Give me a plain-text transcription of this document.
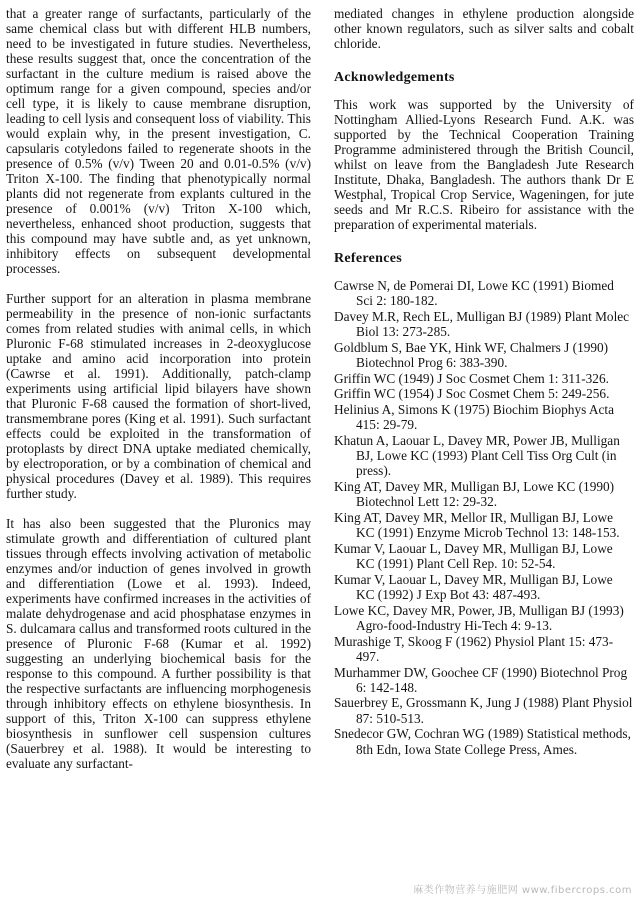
that a greater range of surfactants, particularly of the same chemical class but with different HLB numbers, need to be investigated in future studies. Nevertheless, these results suggest that, once the concentration of the surfactant in the culture medium is raised above the optimum range for a given compound, species and/or cell type, it is likely to cause membrane disruption, leading to cell lysis and consequent loss of viability. This would explain why, in the present investigation, C. capsularis cotyledons failed to regenerate shoots in the presence of 0.5% (v/v) Tween 20 and 0.01-0.5% (v/v) Triton X-100. The finding that phenotypically normal plants did not regenerate from explants cultured in the presence of 0.001% (v/v) Triton X-100 which, nevertheless, enhanced shoot production, suggests that this compound may have subtle and, as yet unknown, inhibitory effects on subsequent developmental processes.

Further support for an alteration in plasma membrane permeability in the presence of non-ionic surfactants comes from related studies with animal cells, in which Pluronic F-68 stimulated increases in 2-deoxyglucose uptake and amino acid incorporation into protein (Cawrse et al. 1991). Additionally, patch-clamp experiments using artificial lipid bilayers have shown that Pluronic F-68 caused the formation of short-lived, transmembrane pores (King et al. 1991). Such surfactant effects could be exploited in the transformation of protoplasts by direct DNA uptake mediated chemically, by electroporation, or by a combination of chemical and physical procedures (Davey et al. 1989). This requires further study.

It has also been suggested that the Pluronics may stimulate growth and differentiation of cultured plant tissues through effects involving activation of metabolic enzymes and/or induction of genes involved in growth and differentiation (Lowe et al. 1993). Indeed, experiments have confirmed increases in the activities of malate dehydrogenase and acid phosphatase enzymes in S. dulcamara callus and transformed roots cultured in the presence of Pluronic F-68 (Kumar et al. 1992) suggesting an underlying biochemical basis for the response to this compound. A further possibility is that the respective surfactants are influencing morphogenesis through inhibitory effects on ethylene biosynthesis. In support of this, Triton X-100 can suppress ethylene biosynthesis in sunflower cell suspension cultures (Sauerbrey et al. 1988). It would be interesting to evaluate any surfactant-

mediated changes in ethylene production alongside other known regulators, such as silver salts and cobalt chloride.

Acknowledgements

This work was supported by the University of Nottingham Allied-Lyons Research Fund. A.K. was supported by the Technical Cooperation Training Programme administered through the British Council, whilst on leave from the Bangladesh Jute Research Institute, Dhaka, Bangladesh. The authors thank Dr E Westphal, Tropical Crop Service, Wageningen, for jute seeds and Mr R.C.S. Ribeiro for assistance with the preparation of experimental materials.

References
Cawrse N, de Pomerai DI, Lowe KC (1991) Biomed Sci 2: 180-182.
Davey M.R, Rech EL, Mulligan BJ (1989) Plant Molec Biol 13: 273-285.
Goldblum S, Bae YK, Hink WF, Chalmers J (1990) Biotechnol Prog 6: 383-390.
Griffin WC (1949) J Soc Cosmet Chem 1: 311-326.
Griffin WC (1954) J Soc Cosmet Chem 5: 249-256.
Helinius A, Simons K (1975) Biochim Biophys Acta 415: 29-79.
Khatun A, Laouar L, Davey MR, Power JB, Mulligan BJ, Lowe KC (1993) Plant Cell Tiss Org Cult (in press).
King AT, Davey MR, Mulligan BJ, Lowe KC (1990) Biotechnol Lett 12: 29-32.
King AT, Davey MR, Mellor IR, Mulligan BJ, Lowe KC (1991) Enzyme Microb Technol 13: 148-153.
Kumar V, Laouar L, Davey MR, Mulligan BJ, Lowe KC (1991) Plant Cell Rep. 10: 52-54.
Kumar V, Laouar L, Davey MR, Mulligan BJ, Lowe KC (1992) J Exp Bot 43: 487-493.
Lowe KC, Davey MR, Power, JB, Mulligan BJ (1993) Agro-food-Industry Hi-Tech 4: 9-13.
Murashige T, Skoog F (1962) Physiol Plant 15: 473-497.
Murhammer DW, Goochee CF (1990) Biotechnol Prog 6: 142-148.
Sauerbrey E, Grossmann K, Jung J (1988) Plant Physiol 87: 510-513.
Snedecor GW, Cochran WG (1989) Statistical methods, 8th Edn, Iowa State College Press, Ames.
麻类作物营养与施肥网 www.fibercrops.com
